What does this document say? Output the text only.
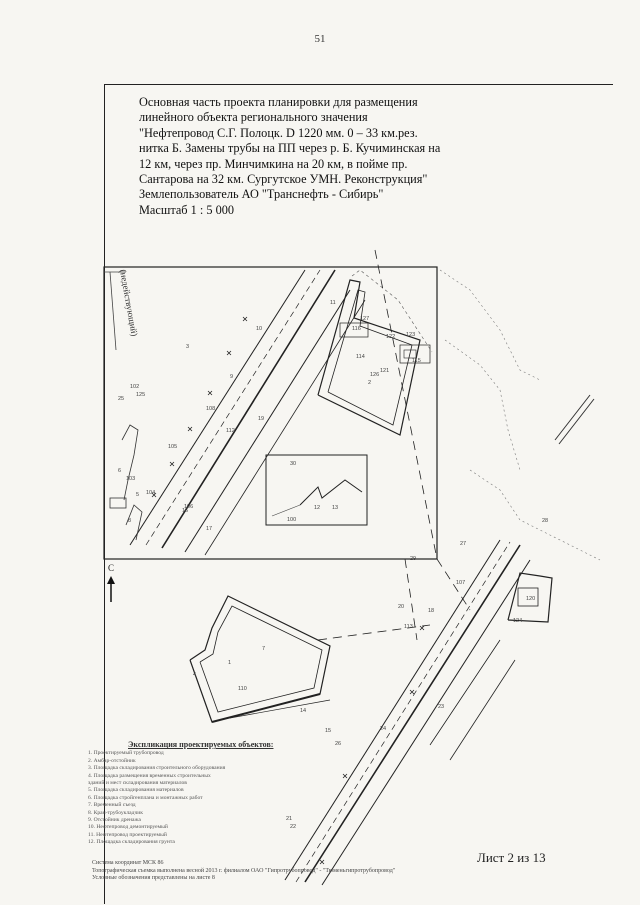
51
Основная часть проекта планировки для размещения
линейного объекта регионального значения
"Нефтепровод С.Г. Полоцк. D 1220 мм. 0 – 33 км.рез.
нитка Б. Замены трубы на ПП через р. Б. Кучиминская на
12 км, через пр. Минчимкина на 20 км, в пойме пр.
Сантарова на 32 км. Сургутское УМН. Реконструкция"
Землепользователь АО "Транснефть - Сибирь"
Масштаб 1 : 5 000
(недействующий)
1
2
3
4
5
6
7
8
9
10
11
12 13
14
15
16
17
18
19
20
21
22
23
24
25
26
27
28
29
30
100
102
103
104
105
106
107
108
110
112
113
114
115
116
120
121
122 123
124
125
126
127
С
Экспликация проектируемых объектов:
1. Проектируемый трубопровод
2. Амбар-отстойник
3. Площадка складирования строительного оборудования
4. Площадка размещения временных строительных
зданий и мест складирования материалов
5. Площадка складирования материалов
6. Площадка стройгенплана и монтажных работ
7. Временный съезд
8. Кран-трубоукладчик
9. Отстойник дренажа
10. Нефтепровод демонтируемый
11. Нефтепровод проектируемый
12. Площадка складирования грунта
Лист 2 из 13
Система координат МСК 86
Топографическая съемка выполнена весной 2013 г. филиалом ОАО "Гипротрубопровод" - "Тюменьгипротрубопровод"
Условные обозначения представлены на листе 8
